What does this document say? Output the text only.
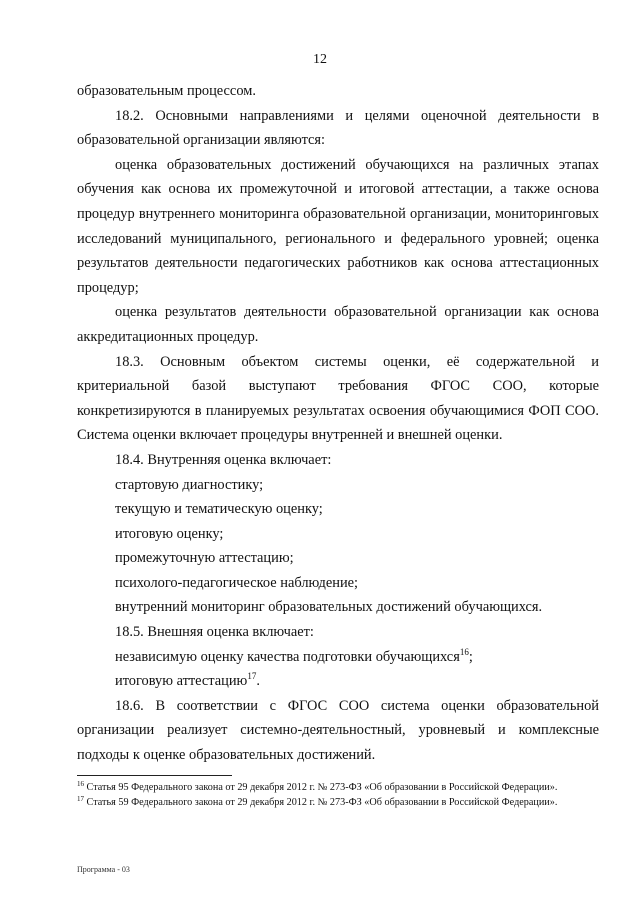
12

образовательным процессом.

18.2. Основными направлениями и целями оценочной деятельности в образовательной организации являются:

оценка образовательных достижений обучающихся на различных этапах обучения как основа их промежуточной и итоговой аттестации, а также основа процедур внутреннего мониторинга образовательной организации, мониторинговых исследований муниципального, регионального и федерального уровней; оценка результатов деятельности педагогических работников как основа аттестационных процедур;

оценка результатов деятельности образовательной организации как основа аккредитационных процедур.

18.3. Основным объектом системы оценки, её содержательной и критериальной базой выступают требования ФГОС СОО, которые конкретизируются в планируемых результатах освоения обучающимися ФОП СОО. Система оценки включает процедуры внутренней и внешней оценки.

18.4. Внутренняя оценка включает:

стартовую диагностику;

текущую и тематическую оценку;

итоговую оценку;

промежуточную аттестацию;

психолого-педагогическое наблюдение;

внутренний мониторинг образовательных достижений обучающихся.

18.5. Внешняя оценка включает:

независимую оценку качества подготовки обучающихся$^{16}$;

итоговую аттестацию$^{17}$.

18.6. В соответствии с ФГОС СОО система оценки образовательной организации реализует системно-деятельностный, уровневый и комплексные подходы к оценке образовательных достижений.

$^{16}$ Статья 95 Федерального закона от 29 декабря 2012 г. № 273-ФЗ «Об образовании в Российской Федерации».

$^{17}$ Статья 59 Федерального закона от 29 декабря 2012 г. № 273-ФЗ «Об образовании в Российской Федерации».

Программа - 03
